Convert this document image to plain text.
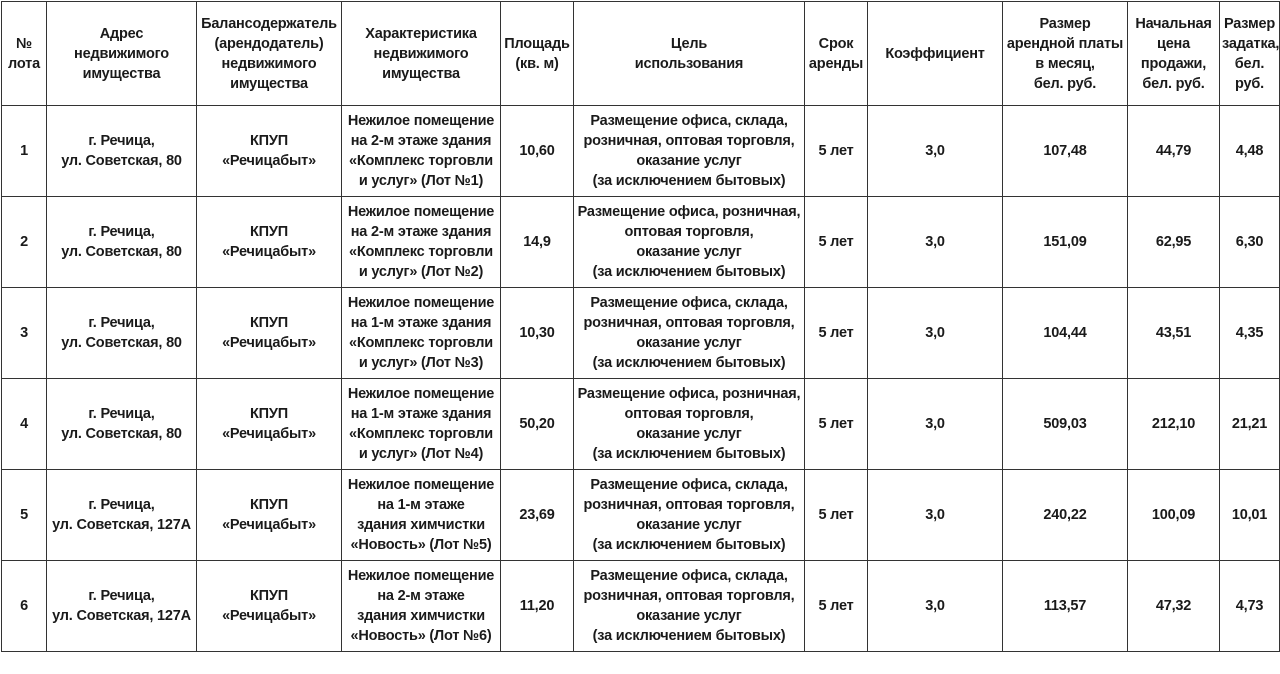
№
лота	Адрес
недвижимого
имущества	Балансодержатель
(арендодатель)
недвижимого
имущества	Характеристика
недвижимого
имущества	Площадь
(кв. м)	Цель
использования	Срок
аренды	Коэффициент	Размер
арендной платы
в месяц,
бел. руб.	Начальная
цена
продажи,
бел. руб.	Размер
задатка,
бел. руб.
1	г. Речица,
ул. Советская, 80	КПУП
«Речицабыт»	Нежилое помещение
на 2-м этаже здания
«Комплекс торговли
и услуг» (Лот №1)	10,60	Размещение офиса, склада,
розничная, оптовая торговля,
оказание услуг
(за исключением бытовых)	5 лет	3,0	107,48	44,79	4,48
2	г. Речица,
ул. Советская, 80	КПУП
«Речицабыт»	Нежилое помещение
на 2-м этаже здания
«Комплекс торговли
и услуг» (Лот №2)	14,9	Размещение офиса, розничная,
оптовая торговля,
оказание услуг
(за исключением бытовых)	5 лет	3,0	151,09	62,95	6,30
3	г. Речица,
ул. Советская, 80	КПУП
«Речицабыт»	Нежилое помещение
на 1-м этаже здания
«Комплекс торговли
и услуг» (Лот №3)	10,30	Размещение офиса, склада,
розничная, оптовая торговля,
оказание услуг
(за исключением бытовых)	5 лет	3,0	104,44	43,51	4,35
4	г. Речица,
ул. Советская, 80	КПУП
«Речицабыт»	Нежилое помещение
на 1-м этаже здания
«Комплекс торговли
и услуг» (Лот №4)	50,20	Размещение офиса, розничная,
оптовая торговля,
оказание услуг
(за исключением бытовых)	5 лет	3,0	509,03	212,10	21,21
5	г. Речица,
ул. Советская, 127А	КПУП
«Речицабыт»	Нежилое помещение
на 1-м этаже
здания химчистки
«Новость» (Лот №5)	23,69	Размещение офиса, склада,
розничная, оптовая торговля,
оказание услуг
(за исключением бытовых)	5 лет	3,0	240,22	100,09	10,01
6	г. Речица,
ул. Советская, 127А	КПУП
«Речицабыт»	Нежилое помещение
на 2-м этаже
здания химчистки
«Новость» (Лот №6)	11,20	Размещение офиса, склада,
розничная, оптовая торговля,
оказание услуг
(за исключением бытовых)	5 лет	3,0	113,57	47,32	4,73
